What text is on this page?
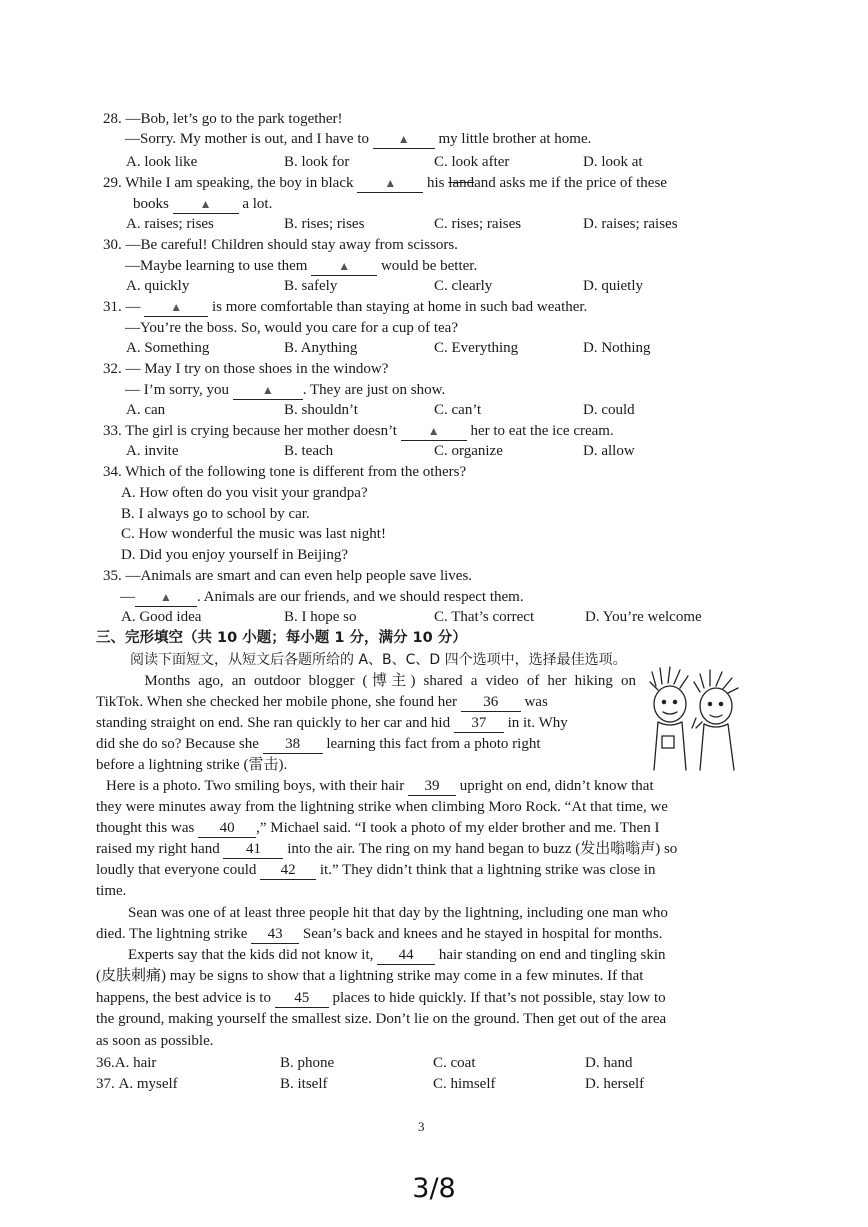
28. —Bob, let’s go to the park together!
—Sorry. My mother is out, and I have to ▲ my little brother at home.
A. look like	B. look for	C. look after	D. look at
29. While I am speaking, the boy in black	▲ his landand asks me if the price of these
books	▲ a lot.
A. raises; rises	B. rises; rises	C. rises; raises	D. raises; raises
30. —Be careful! Children should stay away from scissors.
—Maybe learning to use them	▲ would be better.
A. quickly	B. safely	C. clearly	D. quietly
31. — ▲ is more comfortable than staying at home in such bad weather.
—You’re the boss. So, would you care for a cup of tea?
A. Something	B. Anything	C. Everything	D. Nothing
32. — May I try on those shoes in the window?
— I’m sorry, you	▲ . They are just on show.
A. can	B. shouldn’t	C. can’t	D. could
33. The girl is crying because her mother doesn’t	▲ her to eat the ice cream.
A. invite	B. teach	C. organize	D. allow
34. Which of the following tone is different from the others?
A. How often do you visit your grandpa?
B. I always go to school by car.
C. How wonderful the music was last night!
D. Did you enjoy yourself in Beijing?
35. —Animals are smart and can even help people save lives.
— ▲ . Animals are our friends, and we should respect them.
A. Good idea	B. I hope so	C. That’s correct	D. You’re welcome
三、完形填空（共 10 小题；每小题 1 分，满分 10 分）
阅读下面短文，从短文后各题所给的 A、B、C、D 四个选项中，选择最佳选项。
Months ago, an outdoor blogger (博主) shared a video of her hiking on
TikTok. When she checked her mobile phone, she found her 36 was
standing straight on end. She ran quickly to her car and hid 37 in it. Why
did she do so? Because she 38 learning this fact from a photo right
before a lightning strike (雷击).
Here is a photo. Two smiling boys, with their hair 39 upright on end, didn’t know that
they were minutes away from the lightning strike when climbing Moro Rock. “At that time, we
thought this was 40 ,” Michael said. “I took a photo of my elder brother and me. Then I
raised my right hand 41 into the air. The ring on my hand began to buzz (发出嗡嗡声) so
loudly that everyone could 42 it.” They didn’t think that a lightning strike was close in
time.
Sean was one of at least three people hit that day by the lightning, including one man who
died. The lightning strike 43 Sean’s back and knees and he stayed in hospital for months.
Experts say that the kids did not know it, 44 hair standing on end and tingling skin
(皮肤刺痛) may be signs to show that a lightning strike may come in a few minutes. If that
happens, the best advice is to 45 places to hide quickly. If that’s not possible, stay low to
the ground, making yourself the smallest size. Don’t lie on the ground. Then get out of the area
as soon as possible.
36.A. hair	B. phone	C. coat	D. hand
37. A. myself	B. itself	C. himself	D. herself
3
3/8
